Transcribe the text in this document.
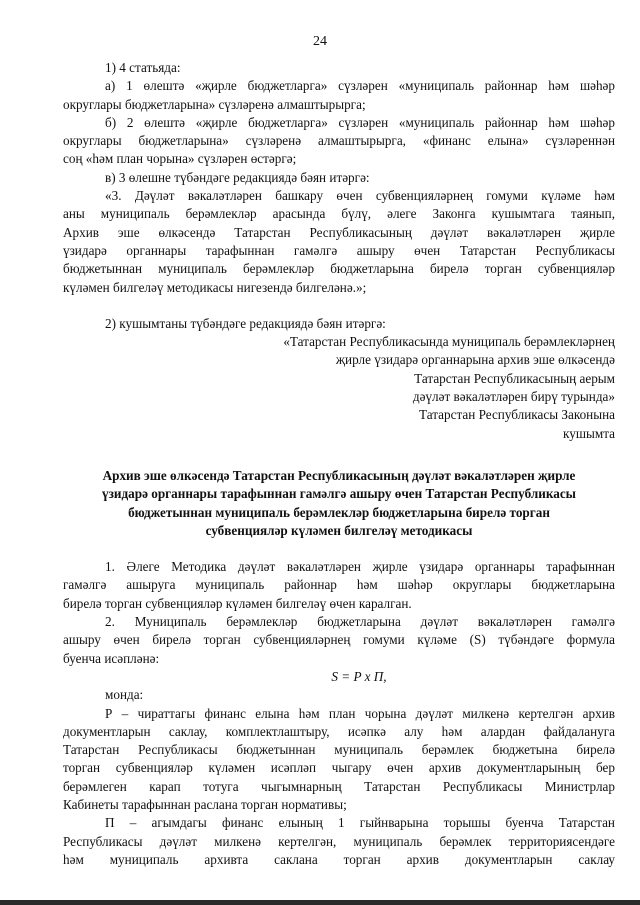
24

1) 4 статьяда:

а) 1 өлештә «җирле бюджетларга» сүзләрен «муниципаль районнар һәм шәһәр

округлары бюджетларына» сүзләренә алмаштырырга;

б) 2 өлештә «җирле бюджетларга» сүзләрен «муниципаль районнар һәм шәһәр

округлары бюджетларына» сүзләренә алмаштырырга, «финанс елына» сүзләреннән

соң «һәм план чорына» сүзләрен өстәргә;

в) 3 өлешне түбәндәге редакциядә бәян итәргә:

«3. Дәүләт вәкаләтләрен башкару өчен субвенцияләрнең гомуми күләме һәм

аны муниципаль берәмлекләр арасында бүлү, әлеге Законга кушымтага таянып,

Архив эше өлкәсендә Татарстан Республикасының дәүләт вәкаләтләрен җирле

үзидарә органнары тарафыннан гамәлгә ашыру өчен Татарстан Республикасы

бюджетыннан муниципаль берәмлекләр бюджетларына бирелә торган субвенцияләр

күләмен билгеләү методикасы нигезендә билгеләнә.»;

2) кушымтаны түбәндәге редакциядә бәян итәргә:

«Татарстан Республикасында муниципаль берәмлекләрнең

җирле үзидарә органнарына архив эше өлкәсендә

Татарстан Республикасының аерым

дәүләт вәкаләтләрен бирү турында»

Татарстан Республикасы Законына

кушымта

Архив эше өлкәсендә Татарстан Республикасының дәүләт вәкаләтләрен җирле

үзидарә органнары тарафыннан гамәлгә ашыру өчен Татарстан Республикасы

бюджетыннан муниципаль берәмлекләр бюджетларына бирелә торган

субвенцияләр күләмен билгеләү методикасы

1. Әлеге Методика дәүләт вәкаләтләрен җирле үзидарә органнары тарафыннан

гамәлгә ашыруга муниципаль районнар һәм шәһәр округлары бюджетларына

бирелә торган субвенцияләр күләмен билгеләү өчен каралган.

2. Муниципаль берәмлекләр бюджетларына дәүләт вәкаләтләрен гамәлгә

ашыру өчен бирелә торган субвенцияләрнең гомуми күләме (S) түбәндәге формула

буенча исәпләнә:

S = P x П,

монда:

Р – чираттагы финанс елына һәм план чорына дәүләт милкенә кертелгән архив

документларын саклау, комплектлаштыру, исәпкә алу һәм алардан файдалануга

Татарстан Республикасы бюджетыннан муниципаль берәмлек бюджетына бирелә

торган субвенцияләр күләмен исәпләп чыгару өчен архив документларының бер

берәмлеген карап тотуга чыгымнарның Татарстан Республикасы Министрлар

Кабинеты тарафыннан раслана торган нормативы;

П – агымдагы финанс елының 1 гыйнварына торышы буенча Татарстан

Республикасы дәүләт милкенә кертелгән, муниципаль берәмлек территориясендәге

һәм муниципаль архивта саклана торган архив документларын саклау
